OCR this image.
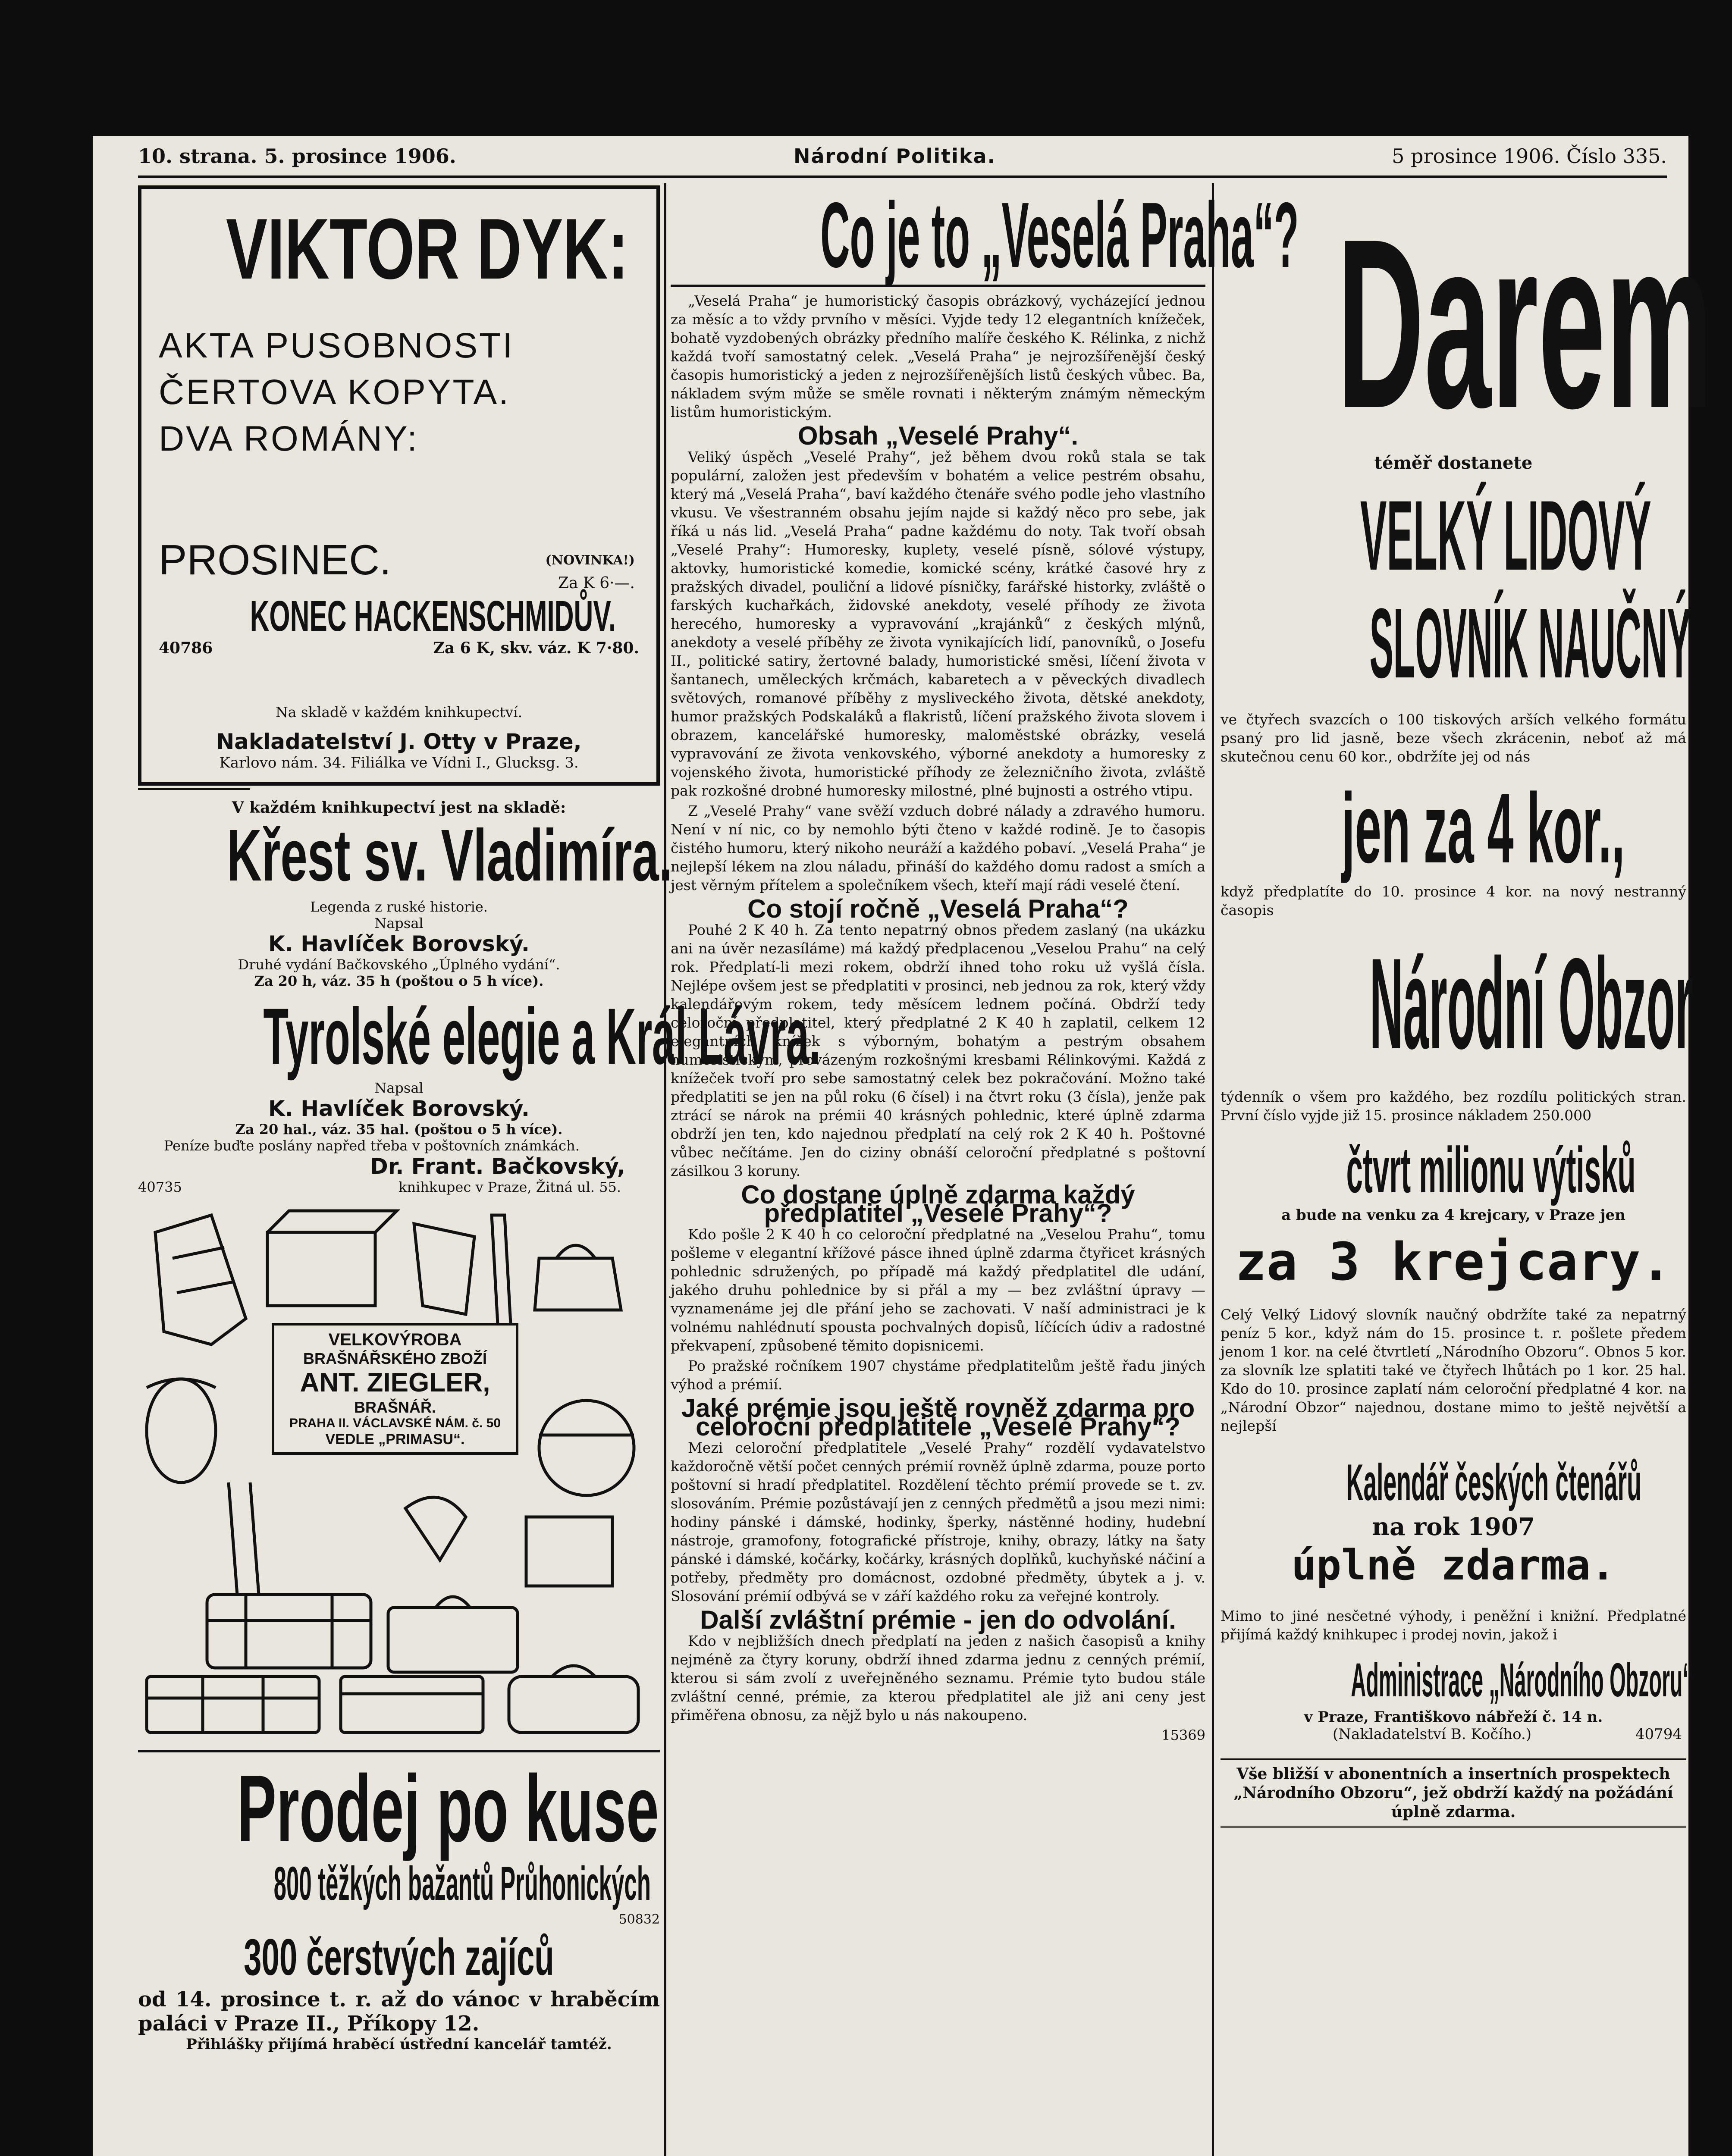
10. strana. 5. prosince 1906.	Národní Politika.	5 prosince 1906. Číslo 335.
VIKTOR DYK:
AKTA PUSOBNOSTI
ČERTOVA KOPYTA.
DVA ROMÁNY:
PROSINEC.	(NOVINKA!)
Za K 6·—.
KONEC HACKENSCHMIDŮV.
40786	Za 6 K, skv. váz. K 7·80.
Na skladě v každém knihkupectví.
Nakladatelství J. Otty v Praze,
Karlovo nám. 34. Filiálka ve Vídni I., Glucksg. 3.
V každém knihkupectví jest na skladě:
Křest sv. Vladimíra.
Legenda z ruské historie.
Napsal
K. Havlíček Borovský.
Druhé vydání Bačkovského „Úplného vydání“.
Za 20 h, váz. 35 h (poštou o 5 h více).
Tyrolské elegie a Král Lávra.
Napsal
K. Havlíček Borovský.
Za 20 hal., váz. 35 hal. (poštou o 5 h více).
Peníze buďte poslány napřed třeba v poštovních známkách.
Dr. Frant. Bačkovský,
40735	knihkupec v Praze, Žitná ul. 55.
VELKOVÝROBA
BRAŠNÁŘSKÉHO ZBOŽÍ
ANT. ZIEGLER,
BRAŠNÁŘ.
PRAHA II. VÁCLAVSKÉ NÁM. č. 50
VEDLE „PRIMASU“.
Prodej po kuse
800 těžkých bažantů Průhonických
50832
300 čerstvých zajíců
od 14. prosince t. r. až do vánoc v hraběcím paláci v Praze II., Příkopy 12.
Přihlášky přijímá hraběcí ústřední kancelář tamtéž.
Co je to „Veselá Praha“?

„Veselá Praha“ je humoristický časopis obrázkový, vycházející jednou za měsíc a to vždy prvního v měsíci. Vyjde tedy 12 elegantních knížeček, bohatě vyzdobených obrázky předního malíře českého K. Rélinka, z nichž každá tvoří samostatný celek. „Veselá Praha“ je nejrozšířenější český časopis humoristický a jeden z nejrozšířenějších listů českých vůbec. Ba, nákladem svým může se směle rovnati i některým známým německým listům humoristickým.

Obsah „Veselé Prahy“.

Veliký úspěch „Veselé Prahy“, jež během dvou roků stala se tak populární, založen jest především v bohatém a velice pestrém obsahu, který má „Veselá Praha“, baví každého čtenáře svého podle jeho vlastního vkusu. Ve všestranném obsahu jejím najde si každý něco pro sebe, jak říká u nás lid. „Veselá Praha“ padne každému do noty. Tak tvoří obsah „Veselé Prahy“: Humoresky, kuplety, veselé písně, sólové výstupy, aktovky, humoristické komedie, komické scény, krátké časové hry z pražských divadel, pouliční a lidové písničky, farářské historky, zvláště o farských kuchařkách, židovské anekdoty, veselé příhody ze života herecého, humoresky a vypravování „krajánků“ z českých mlýnů, anekdoty a veselé příběhy ze života vynikajících lidí, panovníků, o Josefu II., politické satiry, žertovné balady, humoristické směsi, líčení života v šantanech, uměleckých krčmách, kabaretech a v pěveckých divadlech světových, romanové příběhy z mysliveckého života, dětské anekdoty, humor pražských Podskaláků a flakristů, líčení pražského života slovem i obrazem, kancelářské humoresky, maloměstské obrázky, veselá vypravování ze života venkovského, výborné anekdoty a humoresky z vojenského života, humoristické příhody ze železničního života, zvláště pak rozkošné drobné humoresky milostné, plné bujnosti a ostrého vtipu.

Z „Veselé Prahy“ vane svěží vzduch dobré nálady a zdravého humoru. Není v ní nic, co by nemohlo býti čteno v každé rodině. Je to časopis čistého humoru, který nikoho neuráží a každého pobaví. „Veselá Praha“ je nejlepší lékem na zlou náladu, přináší do každého domu radost a smích a jest věrným přítelem a společníkem všech, kteří mají rádi veselé čtení.

Co stojí ročně „Veselá Praha“?

Pouhé 2 K 40 h. Za tento nepatrný obnos předem zaslaný (na ukázku ani na úvěr nezasíláme) má každý předplacenou „Veselou Prahu“ na celý rok. Předplatí-li mezi rokem, obdrží ihned toho roku už vyšlá čísla. Nejlépe ovšem jest se předplatiti v prosinci, neb jednou za rok, který vždy kalendářovým rokem, tedy měsícem lednem počíná. Obdrží tedy celoroční předplatitel, který předplatné 2 K 40 h zaplatil, celkem 12 elegantních knížek s výborným, bohatým a pestrým obsahem humoristickým, provázeným rozkošnými kresbami Rélinkovými. Každá z knížeček tvoří pro sebe samostatný celek bez pokračování. Možno také předplatiti se jen na půl roku (6 čísel) i na čtvrt roku (3 čísla), jenže pak ztrácí se nárok na prémii 40 krásných pohlednic, které úplně zdarma obdrží jen ten, kdo najednou předplatí na celý rok 2 K 40 h. Poštovné vůbec nečítáme. Jen do ciziny obnáší celoroční předplatné s poštovní zásilkou 3 koruny.

Co dostane úplně zdarma každý předplatitel „Veselé Prahy“?

Kdo pošle 2 K 40 h co celoroční předplatné na „Veselou Prahu“, tomu pošleme v elegantní křížové pásce ihned úplně zdarma čtyřicet krásných pohlednic sdružených, po případě má každý předplatitel dle udání, jakého druhu pohlednice by si přál a my — bez zvláštní úpravy — vyznamenáme jej dle přání jeho se zachovati. V naší administraci je k volnému nahlédnutí spousta pochvalných dopisů, líčících údiv a radostné překvapení, způsobené těmito dopisnicemi.

Po pražské ročníkem 1907 chystáme předplatitelům ještě řadu jiných výhod a prémií.

Jaké prémie jsou ještě rovněž zdarma pro celoroční předplatitele „Veselé Prahy“?

Mezi celoroční předplatitele „Veselé Prahy“ rozdělí vydavatelstvo každoročně větší počet cenných prémií rovněž úplně zdarma, pouze porto poštovní si hradí předplatitel. Rozdělení těchto prémií provede se t. zv. slosováním. Prémie pozůstávají jen z cenných předmětů a jsou mezi nimi: hodiny pánské i dámské, hodinky, šperky, nástěnné hodiny, hudební nástroje, gramofony, fotografické přístroje, knihy, obrazy, látky na šaty pánské i dámské, kočárky, kočárky, krásných doplňků, kuchyňské náčiní a potřeby, předměty pro domácnost, ozdobné předměty, úbytek a j. v. Slosování prémií odbývá se v září každého roku za veřejné kontroly.

Další zvláštní prémie - jen do odvolání.

Kdo v nejbližších dnech předplatí na jeden z našich časopisů a knihy nejméně za čtyry koruny, obdrží ihned zdarma jednu z cenných prémií, kterou si sám zvolí z uveřejněného seznamu. Prémie tyto budou stále zvláštní cenné, prémie, za kterou předplatitel ale již ani ceny jest přiměřena obnosu, za nějž bylo u nás nakoupeno.

15369
Darem
téměř dostanete
VELKÝ LIDOVÝ
SLOVNÍK NAUČNÝ
ve čtyřech svazcích o 100 tiskových arších velkého formátu psaný pro lid jasně, beze všech zkrácenin, neboť až má skutečnou cenu 60 kor., obdržíte jej od nás
jen za 4 kor.,
když předplatíte do 10. prosince 4 kor. na nový nestranný časopis
Národní Obzor
týdenník o všem pro každého, bez rozdílu politických stran. První číslo vyjde již 15. prosince nákladem 250.000
čtvrt milionu výtisků
a bude na venku za 4 krejcary, v Praze jen
za 3 krejcary.
Celý Velký Lidový slovník naučný obdržíte také za nepatrný peníz 5 kor., když nám do 15. prosince t. r. pošlete předem jenom 1 kor. na celé čtvrtletí „Národního Obzoru“. Obnos 5 kor. za slovník lze splatiti také ve čtyřech lhůtách po 1 kor. 25 hal. Kdo do 10. prosince zaplatí nám celoroční předplatné 4 kor. na „Národní Obzor“ najednou, dostane mimo to ještě největší a nejlepší
Kalendář českých čtenářů
na rok 1907
úplně zdarma.
Mimo to jiné nesčetné výhody, i peněžní i knižní. Předplatné přijímá každý knihkupec i prodej novin, jakož i
Administrace „Národního Obzoru“
v Praze, Františkovo nábřeží č. 14 n.
(Nakladatelství B. Kočího.)	40794
Vše bližší v abonentních a insertních prospektech „Národního Obzoru“, jež obdrží každý na požádání úplně zdarma.
